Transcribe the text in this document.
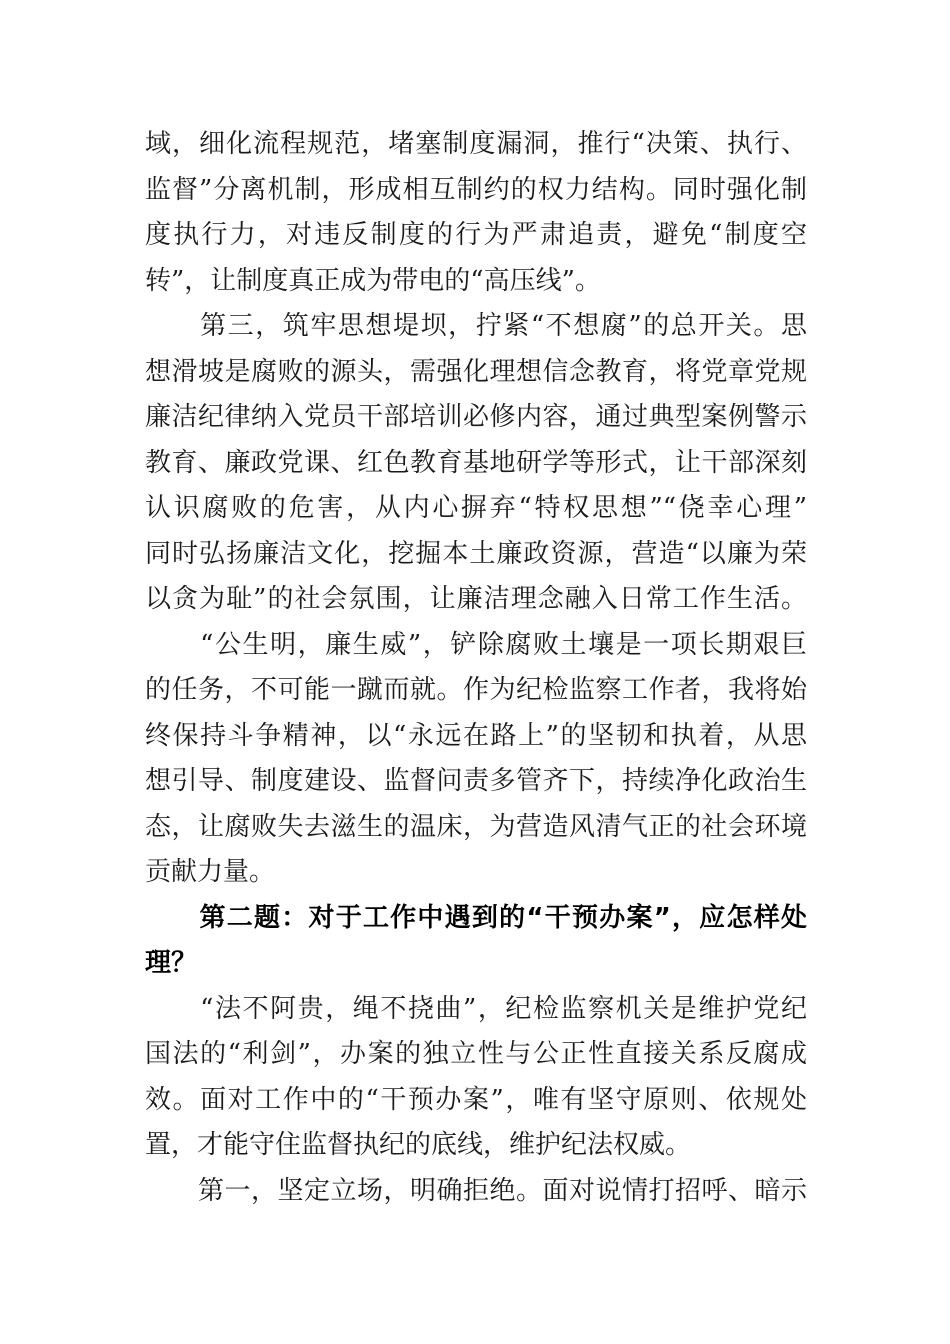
域，细化流程规范，堵塞制度漏洞，推行“决策、执行、
监督”分离机制，形成相互制约的权力结构。同时强化制
度执行力，对违反制度的行为严肃追责，避免“制度空
转”，让制度真正成为带电的“高压线”。
　　第三，筑牢思想堤坝，拧紧“不想腐”的总开关。思
想滑坡是腐败的源头，需强化理想信念教育，将党章党规
廉洁纪律纳入党员干部培训必修内容，通过典型案例警示
教育、廉政党课、红色教育基地研学等形式，让干部深刻
认识腐败的危害，从内心摒弃“特权思想”“侥幸心理”
同时弘扬廉洁文化，挖掘本土廉政资源，营造“以廉为荣
以贪为耻”的社会氛围，让廉洁理念融入日常工作生活。
　　“公生明，廉生威”，铲除腐败土壤是一项长期艰巨
的任务，不可能一蹴而就。作为纪检监察工作者，我将始
终保持斗争精神，以“永远在路上”的坚韧和执着，从思
想引导、制度建设、监督问责多管齐下，持续净化政治生
态，让腐败失去滋生的温床，为营造风清气正的社会环境
贡献力量。
　　第二题：对于工作中遇到的“干预办案”，应怎样处
理？
　　“法不阿贵，绳不挠曲”，纪检监察机关是维护党纪
国法的“利剑”，办案的独立性与公正性直接关系反腐成
效。面对工作中的“干预办案”，唯有坚守原则、依规处
置，才能守住监督执纪的底线，维护纪法权威。
　　第一，坚定立场，明确拒绝。面对说情打招呼、暗示
